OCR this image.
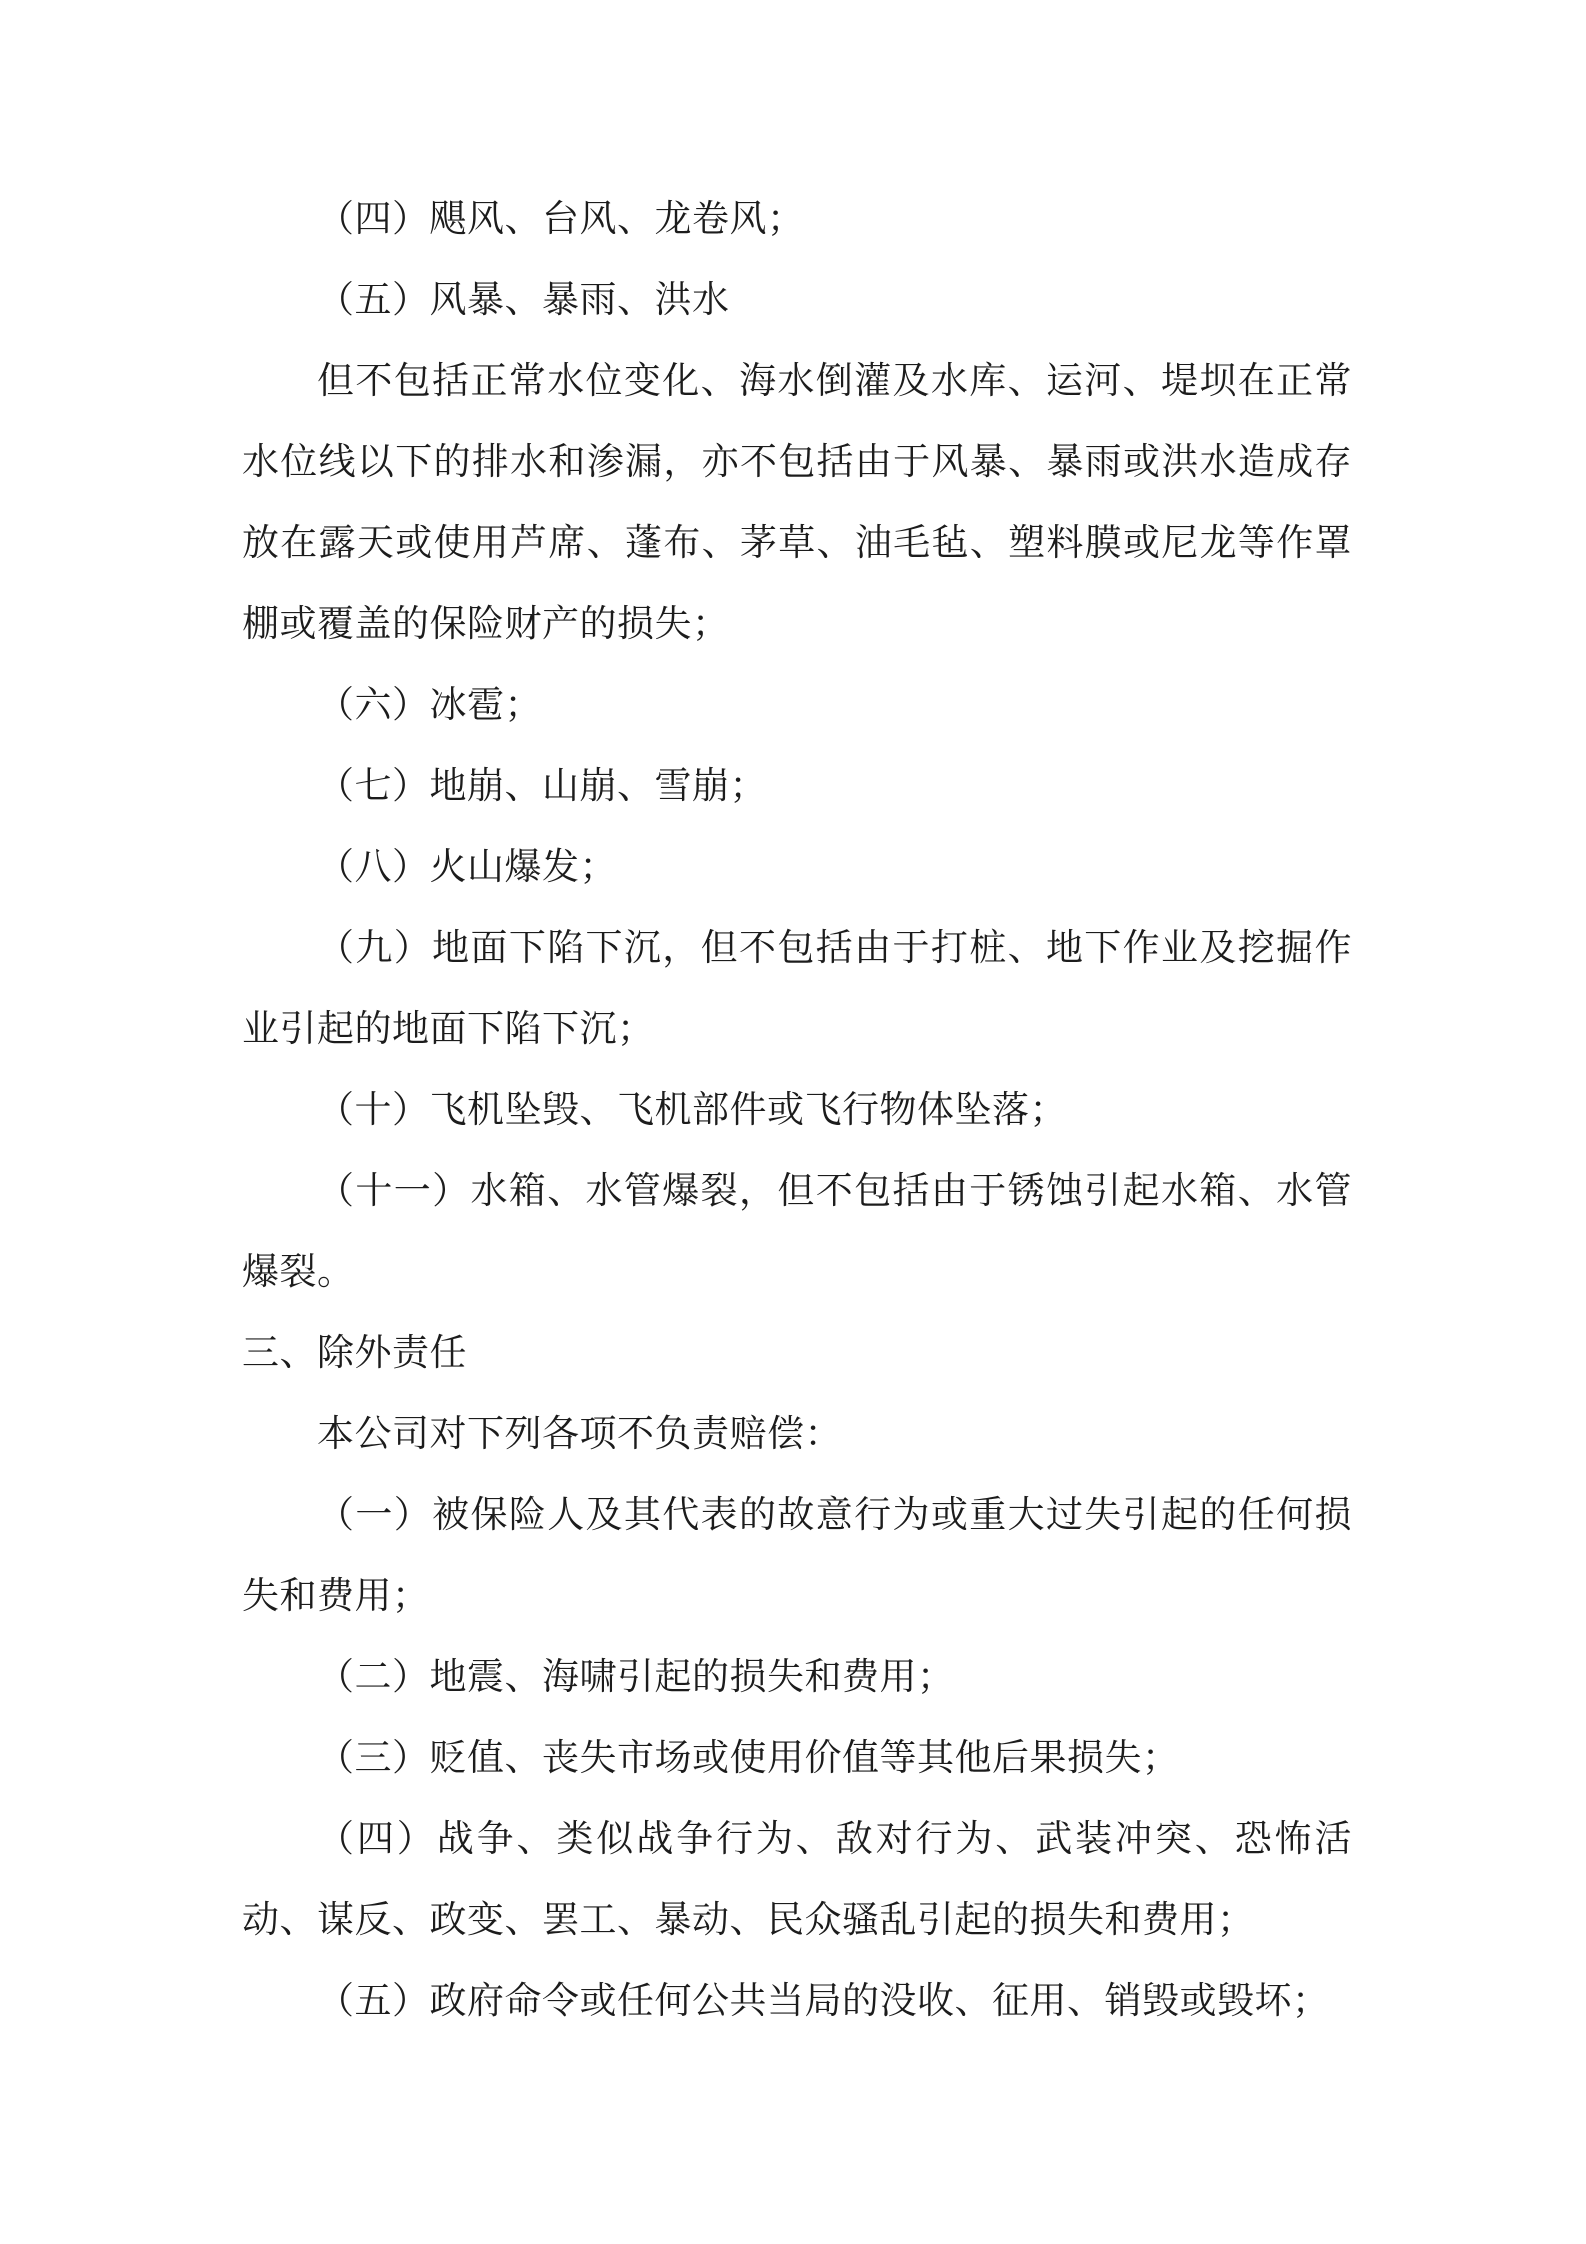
（四）飓风、台风、龙卷风；

（五）风暴、暴雨、洪水

但不包括正常水位变化、海水倒灌及水库、运河、堤坝在正常水位线以下的排水和渗漏，亦不包括由于风暴、暴雨或洪水造成存放在露天或使用芦席、蓬布、茅草、油毛毡、塑料膜或尼龙等作罩棚或覆盖的保险财产的损失；

（六）冰雹；

（七）地崩、山崩、雪崩；

（八）火山爆发；

（九）地面下陷下沉，但不包括由于打桩、地下作业及挖掘作业引起的地面下陷下沉；

（十）飞机坠毁、飞机部件或飞行物体坠落；

（十一）水箱、水管爆裂，但不包括由于锈蚀引起水箱、水管爆裂。

三、除外责任

本公司对下列各项不负责赔偿：

（一）被保险人及其代表的故意行为或重大过失引起的任何损失和费用；

（二）地震、海啸引起的损失和费用；

（三）贬值、丧失市场或使用价值等其他后果损失；

（四）战争、类似战争行为、敌对行为、武装冲突、恐怖活动、谋反、政变、罢工、暴动、民众骚乱引起的损失和费用；

（五）政府命令或任何公共当局的没收、征用、销毁或毁坏；
